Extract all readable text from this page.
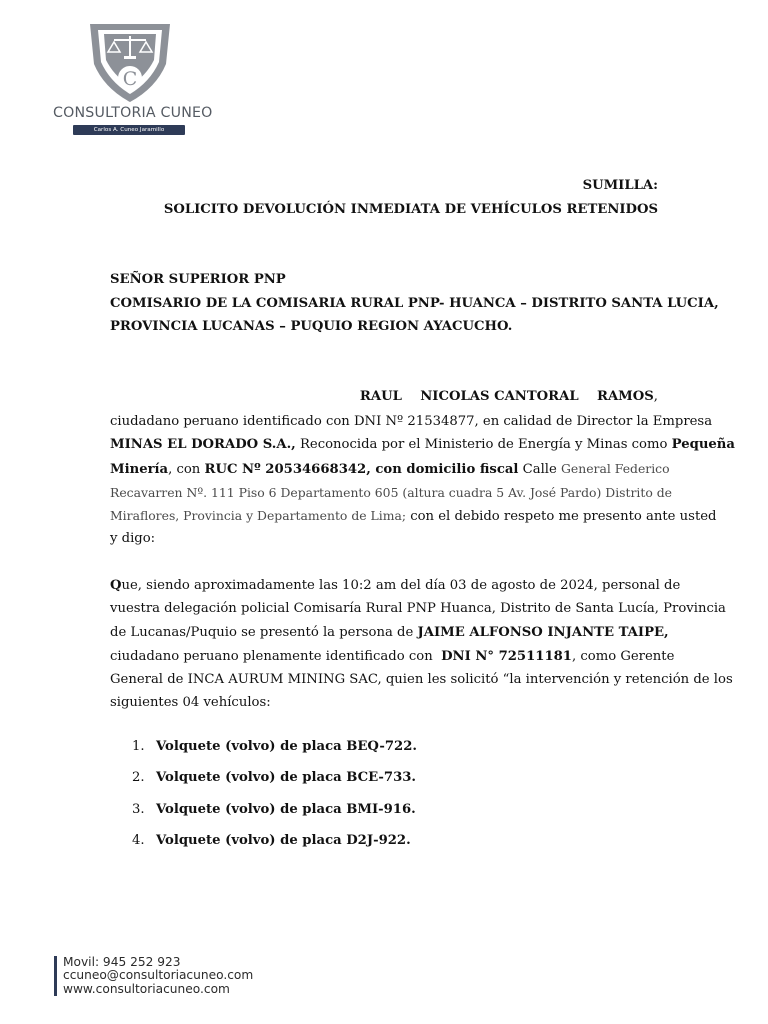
C
CONSULTORIA CUNEO
Carlos A. Cuneo Jaramillo
SUMILLA:
SOLICITO DEVOLUCIÓN INMEDIATA DE VEHÍCULOS RETENIDOS
SEÑOR SUPERIOR PNP
COMISARIO DE LA COMISARIA RURAL PNP- HUANCA – DISTRITO SANTA LUCIA,
PROVINCIA LUCANAS – PUQUIO REGION AYACUCHO.
RAUL    NICOLAS CANTORAL    RAMOS,
ciudadano peruano identificado con DNI Nº 21534877, en calidad de Director la Empresa
MINAS EL DORADO S.A., Reconocida por el Ministerio de Energía y Minas como Pequeña
Minería, con RUC Nº 20534668342, con domicilio fiscal Calle General Federico
Recavarren Nº. 111 Piso 6 Departamento 605 (altura cuadra 5 Av. José Pardo) Distrito de
Miraflores, Provincia y Departamento de Lima; con el debido respeto me presento ante usted
y digo:
Que, siendo aproximadamente las 10:2 am del día 03 de agosto de 2024, personal de
vuestra delegación policial Comisaría Rural PNP Huanca, Distrito de Santa Lucía, Provincia
de Lucanas/Puquio se presentó la persona de JAIME ALFONSO INJANTE TAIPE,
ciudadano peruano plenamente identificado con  DNI N° 72511181, como Gerente
General de INCA AURUM MINING SAC, quien les solicitó “la intervención y retención de los
siguientes 04 vehículos:
1. Volquete (volvo) de placa BEQ-722.
2. Volquete (volvo) de placa BCE-733.
3. Volquete (volvo) de placa BMI-916.
4. Volquete (volvo) de placa D2J-922.
Movil: 945 252 923
ccuneo@consultoriacuneo.com
www.consultoriacuneo.com
